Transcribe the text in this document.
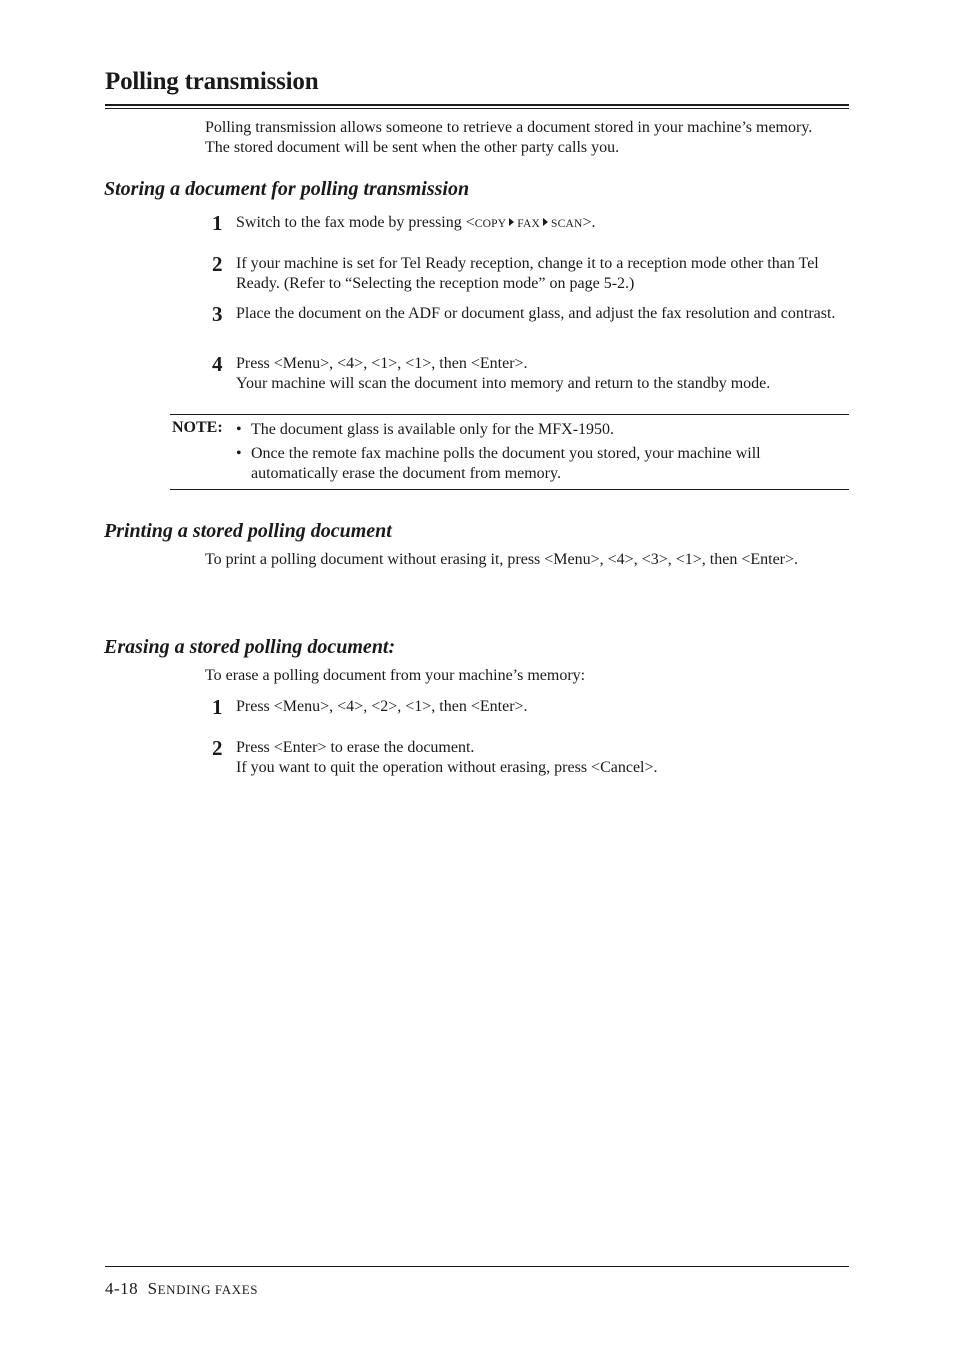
Polling transmission
Polling transmission allows someone to retrieve a document stored in your machine’s memory. The stored document will be sent when the other party calls you.
Storing a document for polling transmission
1 Switch to the fax mode by pressing <COPY FAX SCAN>.
2 If your machine is set for Tel Ready reception, change it to a reception mode other than Tel Ready. (Refer to “Selecting the reception mode” on page 5-2.)
3 Place the document on the ADF or document glass, and adjust the fax resolution and contrast.
4 Press <Menu>, <4>, <1>, <1>, then <Enter>.
Your machine will scan the document into memory and return to the standby mode.
NOTE: • The document glass is available only for the MFX-1950.
• Once the remote fax machine polls the document you stored, your machine will automatically erase the document from memory.
Printing a stored polling document
To print a polling document without erasing it, press <Menu>, <4>, <3>, <1>, then <Enter>.
Erasing a stored polling document:
To erase a polling document from your machine’s memory:
1 Press <Menu>, <4>, <2>, <1>, then <Enter>.
2 Press <Enter> to erase the document.
If you want to quit the operation without erasing, press <Cancel>.
4-18 SENDING FAXES
